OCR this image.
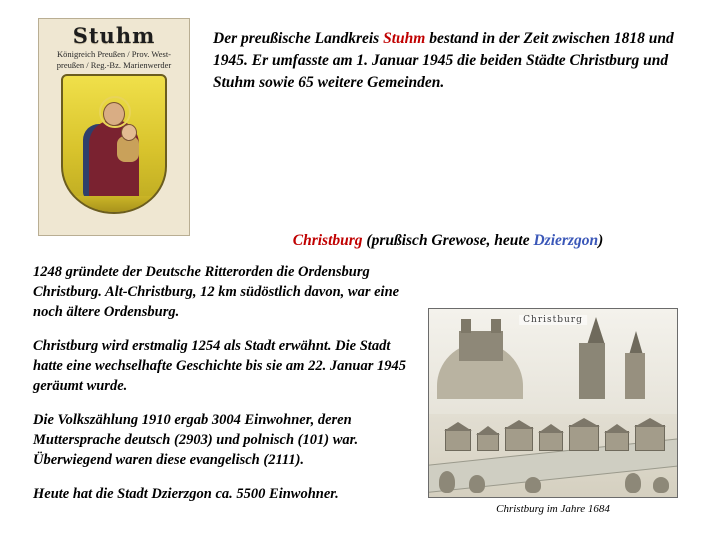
Stuhm
Königreich Preußen / Prov. West-
preußen / Reg.-Bz. Marienwerder
Der preußische Landkreis Stuhm bestand in der Zeit zwischen 1818 und 1945. Er umfasste am 1. Januar 1945 die beiden Städte Christburg und Stuhm sowie 65 weitere Gemeinden.
Christburg (prußisch Grewose, heute Dzierzgon)

1248 gründete der Deutsche Ritterorden die Ordensburg Christburg. Alt-Christburg, 12 km südöstlich davon, war eine noch ältere Ordensburg.

Christburg wird erstmalig 1254 als Stadt erwähnt. Die Stadt hatte eine wechselhafte Geschichte bis sie am 22. Januar 1945 geräumt wurde.

Die Volkszählung 1910 ergab 3004 Einwohner, deren Muttersprache deutsch (2903) und polnisch (101) war. Überwiegend waren diese evangelisch (2111).

Heute hat die Stadt Dzierzgon ca. 5500 Einwohner.

Christburg
Christburg im Jahre 1684
